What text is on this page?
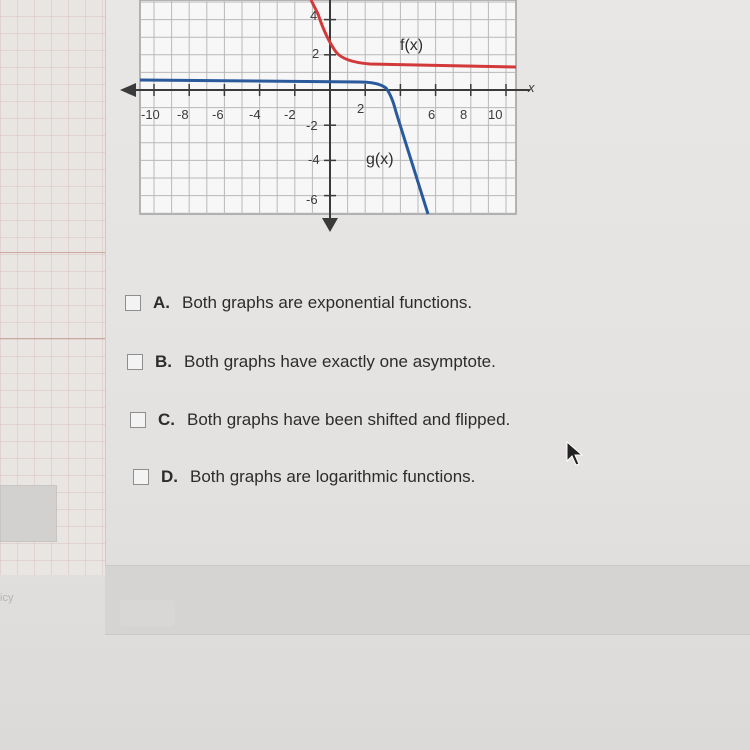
icy
2
-2
-4
-6
4
-10 -8 -6 -4 -2	2	6 8 10
x
f(x)
g(x)
A. Both graphs are exponential functions.
B. Both graphs have exactly one asymptote.
C. Both graphs have been shifted and flipped.
D. Both graphs are logarithmic functions.
